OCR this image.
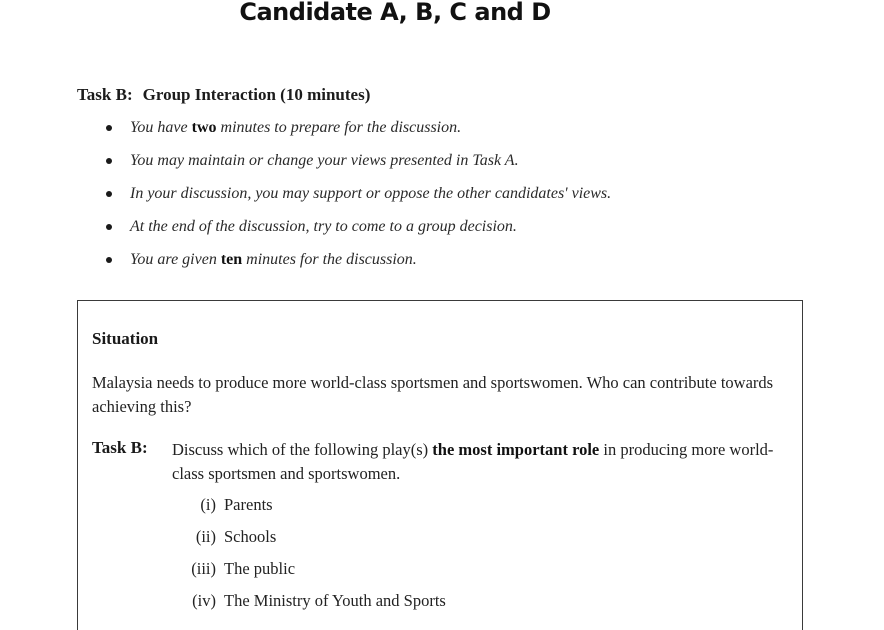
Candidate A, B, C and D
Task B: Group Interaction (10 minutes)
You have two minutes to prepare for the discussion.
You may maintain or change your views presented in Task A.
In your discussion, you may support or oppose the other candidates' views.
At the end of the discussion, try to come to a group decision.
You are given ten minutes for the discussion.
Situation
Malaysia needs to produce more world-class sportsmen and sportswomen. Who can contribute towards achieving this?
Task B: Discuss which of the following play(s) the most important role in producing more world-class sportsmen and sportswomen.
(i) Parents
(ii) Schools
(iii) The public
(iv) The Ministry of Youth and Sports
